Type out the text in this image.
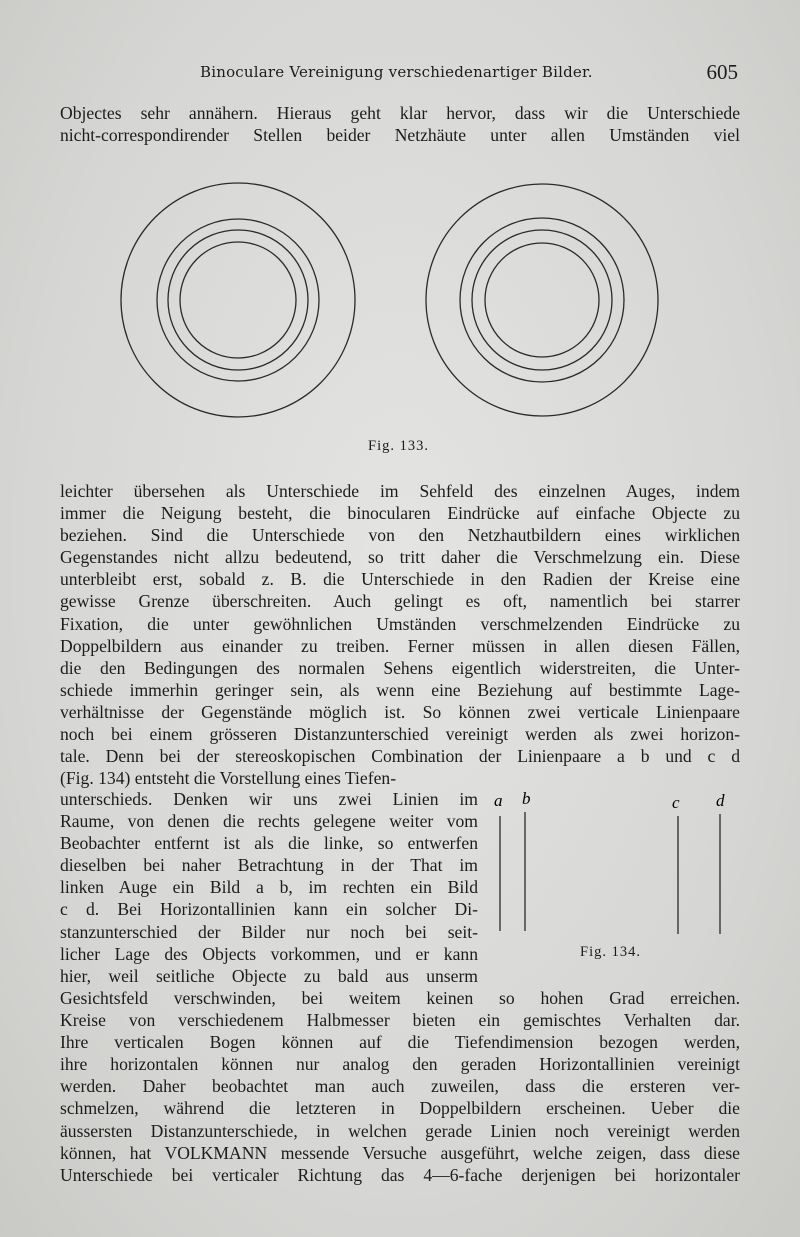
Binoculare Vereinigung verschiedenartiger Bilder.	605

Objectes sehr annähern. Hieraus geht klar hervor, dass wir die Unterschiede
nicht-correspondirender Stellen beider Netzhäute unter allen Umständen viel

Fig. 133.

leichter übersehen als Unterschiede im Sehfeld des einzelnen Auges, indem
immer die Neigung besteht, die binocularen Eindrücke auf einfache Objecte zu
beziehen. Sind die Unterschiede von den Netzhautbildern eines wirklichen
Gegenstandes nicht allzu bedeutend, so tritt daher die Verschmelzung ein. Diese
unterbleibt erst, sobald z. B. die Unterschiede in den Radien der Kreise eine
gewisse Grenze überschreiten. Auch gelingt es oft, namentlich bei starrer
Fixation, die unter gewöhnlichen Umständen verschmelzenden Eindrücke zu
Doppelbildern aus einander zu treiben. Ferner müssen in allen diesen Fällen,
die den Bedingungen des normalen Sehens eigentlich widerstreiten, die Unter-
schiede immerhin geringer sein, als wenn eine Beziehung auf bestimmte Lage-
verhältnisse der Gegenstände möglich ist. So können zwei verticale Linienpaare
noch bei einem grösseren Distanzunterschied vereinigt werden als zwei horizon-
tale. Denn bei der stereoskopischen Combination der Linienpaare a b und c d
(Fig. 134) entsteht die Vorstellung eines Tiefen-

unterschieds. Denken wir uns zwei Linien im
Raume, von denen die rechts gelegene weiter vom
Beobachter entfernt ist als die linke, so entwerfen
dieselben bei naher Betrachtung in der That im
linken Auge ein Bild a b, im rechten ein Bild
c d. Bei Horizontallinien kann ein solcher Di-
stanzunterschied der Bilder nur noch bei seit-
licher Lage des Objects vorkommen, und er kann
hier, weil seitliche Objecte zu bald aus unserm

a b	c d
Fig. 134.

Gesichtsfeld verschwinden, bei weitem keinen so hohen Grad erreichen.
Kreise von verschiedenem Halbmesser bieten ein gemischtes Verhalten dar.
Ihre verticalen Bogen können auf die Tiefendimension bezogen werden,
ihre horizontalen können nur analog den geraden Horizontallinien vereinigt
werden. Daher beobachtet man auch zuweilen, dass die ersteren ver-
schmelzen, während die letzteren in Doppelbildern erscheinen. Ueber die
äussersten Distanzunterschiede, in welchen gerade Linien noch vereinigt werden
können, hat VOLKMANN messende Versuche ausgeführt, welche zeigen, dass diese
Unterschiede bei verticaler Richtung das 4—6-fache derjenigen bei horizontaler
